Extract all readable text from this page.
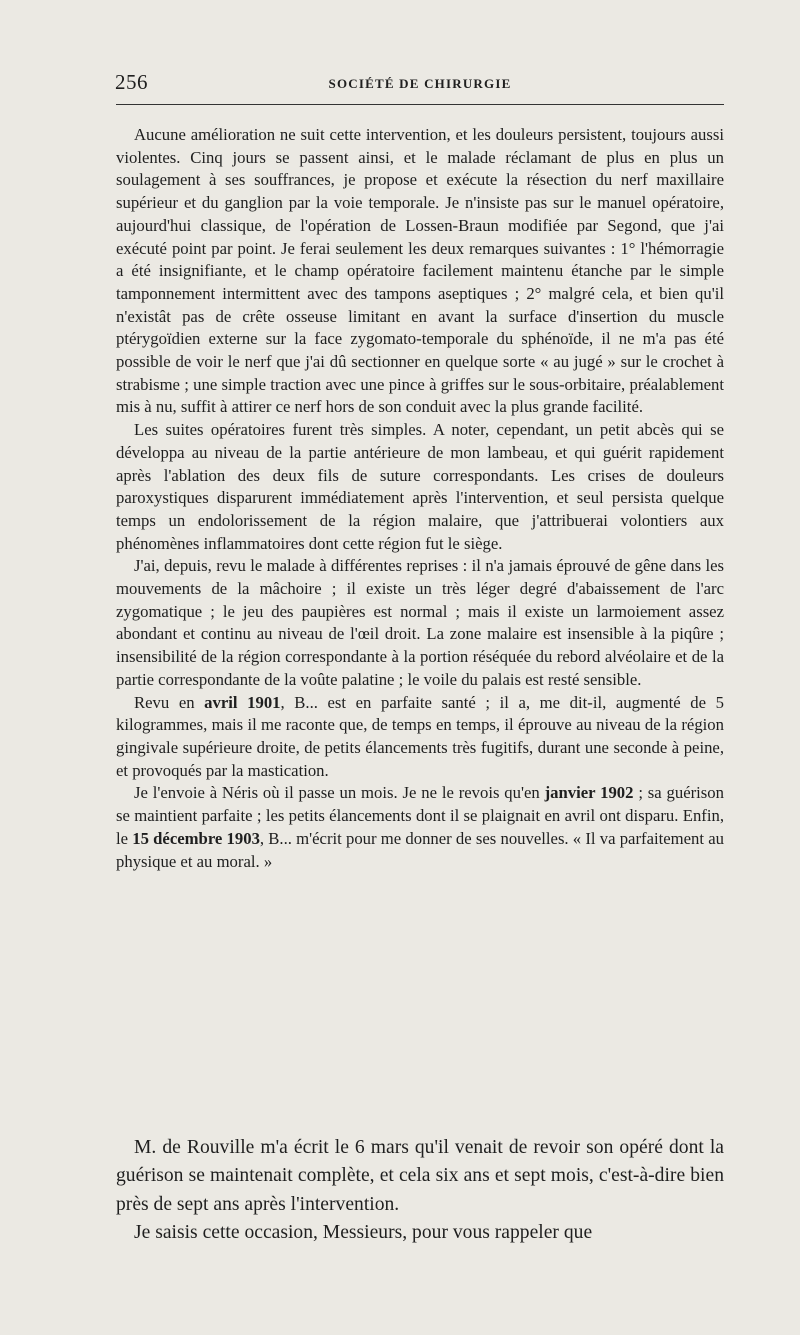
256	SOCIÉTÉ DE CHIRURGIE

Aucune amélioration ne suit cette intervention, et les douleurs persistent, toujours aussi violentes. Cinq jours se passent ainsi, et le malade réclamant de plus en plus un soulagement à ses souffrances, je propose et exécute la résection du nerf maxillaire supérieur et du ganglion par la voie temporale. Je n'insiste pas sur le manuel opératoire, aujourd'hui classique, de l'opération de Lossen-Braun modifiée par Segond, que j'ai exécuté point par point. Je ferai seulement les deux remarques suivantes : 1° l'hémorragie a été insignifiante, et le champ opératoire facilement maintenu étanche par le simple tamponnement intermittent avec des tampons aseptiques ; 2° malgré cela, et bien qu'il n'existât pas de crête osseuse limitant en avant la surface d'insertion du muscle ptérygoïdien externe sur la face zygomato-temporale du sphénoïde, il ne m'a pas été possible de voir le nerf que j'ai dû sectionner en quelque sorte « au jugé » sur le crochet à strabisme ; une simple traction avec une pince à griffes sur le sous-orbitaire, préalablement mis à nu, suffit à attirer ce nerf hors de son conduit avec la plus grande facilité.

Les suites opératoires furent très simples. A noter, cependant, un petit abcès qui se développa au niveau de la partie antérieure de mon lambeau, et qui guérit rapidement après l'ablation des deux fils de suture correspondants. Les crises de douleurs paroxystiques disparurent immédiatement après l'intervention, et seul persista quelque temps un endolorissement de la région malaire, que j'attribuerai volontiers aux phénomènes inflammatoires dont cette région fut le siège.

J'ai, depuis, revu le malade à différentes reprises : il n'a jamais éprouvé de gêne dans les mouvements de la mâchoire ; il existe un très léger degré d'abaissement de l'arc zygomatique ; le jeu des paupières est normal ; mais il existe un larmoiement assez abondant et continu au niveau de l'œil droit. La zone malaire est insensible à la piqûre ; insensibilité de la région correspondante à la portion réséquée du rebord alvéolaire et de la partie correspondante de la voûte palatine ; le voile du palais est resté sensible.

Revu en avril 1901, B... est en parfaite santé ; il a, me dit-il, augmenté de 5 kilogrammes, mais il me raconte que, de temps en temps, il éprouve au niveau de la région gingivale supérieure droite, de petits élancements très fugitifs, durant une seconde à peine, et provoqués par la mastication.

Je l'envoie à Néris où il passe un mois. Je ne le revois qu'en janvier 1902 ; sa guérison se maintient parfaite ; les petits élancements dont il se plaignait en avril ont disparu. Enfin, le 15 décembre 1903, B... m'écrit pour me donner de ses nouvelles. « Il va parfaitement au physique et au moral. »

M. de Rouville m'a écrit le 6 mars qu'il venait de revoir son opéré dont la guérison se maintenait complète, et cela six ans et sept mois, c'est-à-dire bien près de sept ans après l'intervention.

Je saisis cette occasion, Messieurs, pour vous rappeler que
